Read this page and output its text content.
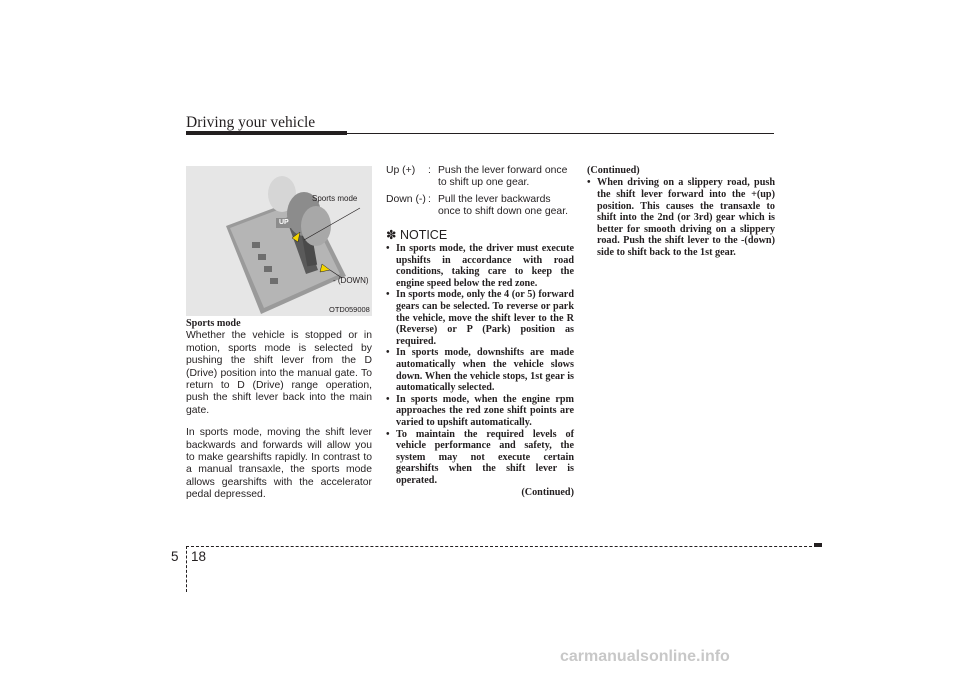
Driving your vehicle
Sports mode
UP
- (DOWN)
OTD059008

Sports mode

Whether the vehicle is stopped or in motion, sports mode is selected by pushing the shift lever from the D (Drive) position into the manual gate. To return to D (Drive) range operation, push the shift lever back into the main gate.

In sports mode, moving the shift lever backwards and forwards will allow you to make gearshifts rapidly. In contrast to a manual transaxle, the sports mode allows gearshifts with the accelerator pedal depressed.

Up (+)	: Push the lever forward once to shift up one gear.
Down (-) : Pull the lever backwards once to shift down one gear.
✽ NOTICE
• In sports mode, the driver must execute upshifts in accordance with road conditions, taking care to keep the engine speed below the red zone.
• In sports mode, only the 4 (or 5) forward gears can be selected. To reverse or park the vehicle, move the shift lever to the R (Reverse) or P (Park) position as required.
• In sports mode, downshifts are made automatically when the vehicle slows down. When the vehicle stops, 1st gear is automatically selected.
• In sports mode, when the engine rpm approaches the red zone shift points are varied to upshift automatically.
• To maintain the required levels of vehicle performance and safety, the system may not execute certain gearshifts when the shift lever is operated.

(Continued)

(Continued)

• When driving on a slippery road, push the shift lever forward into the +(up) position. This causes the transaxle to shift into the 2nd (or 3rd) gear which is better for smooth driving on a slippery road. Push the shift lever to the -(down) side to shift back to the 1st gear.
5 18
carmanualsonline.info
